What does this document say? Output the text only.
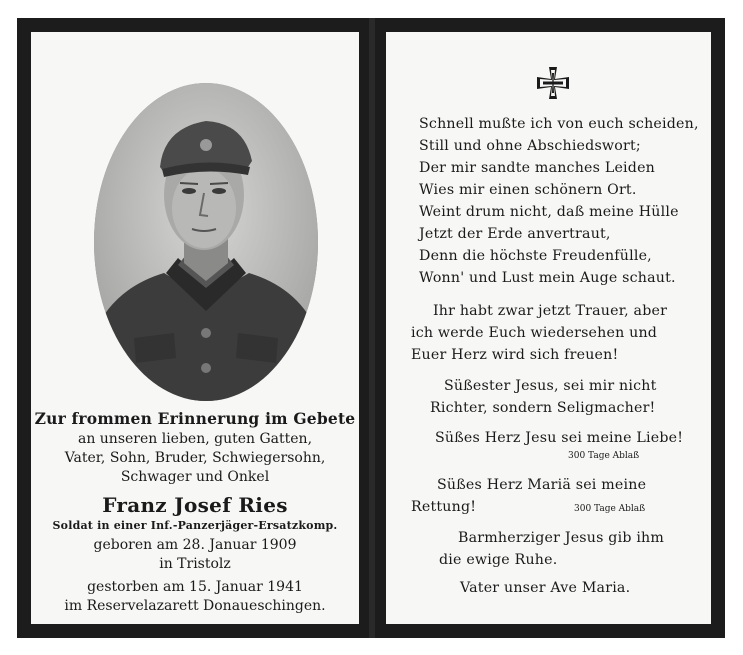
Zur frommen Erinnerung im Gebete
an unseren lieben, guten Gatten,
Vater, Sohn, Bruder, Schwiegersohn,
Schwager und Onkel
Franz Josef Ries
Soldat in einer Inf.-Panzerjäger-Ersatzkomp.
geboren am 28. Januar 1909
in Tristolz
gestorben am 15. Januar 1941
im Reservelazarett Donaueschingen.
Schnell mußte ich von euch scheiden,
Still und ohne Abschiedswort;
Der mir sandte manches Leiden
Wies mir einen schönern Ort.
Weint drum nicht, daß meine Hülle
Jetzt der Erde anvertraut,
Denn die höchste Freudenfülle,
Wonn' und Lust mein Auge schaut.
Ihr habt zwar jetzt Trauer, aber
ich werde Euch wiedersehen und
Euer Herz wird sich freuen!
Süßester Jesus, sei mir nicht
Richter, sondern Seligmacher!
Süßes Herz Jesu sei meine Liebe!
300 Tage Ablaß
Süßes Herz Mariä sei meine
Rettung!	300 Tage Ablaß
Barmherziger Jesus gib ihm
die ewige Ruhe.
Vater unser Ave Maria.
